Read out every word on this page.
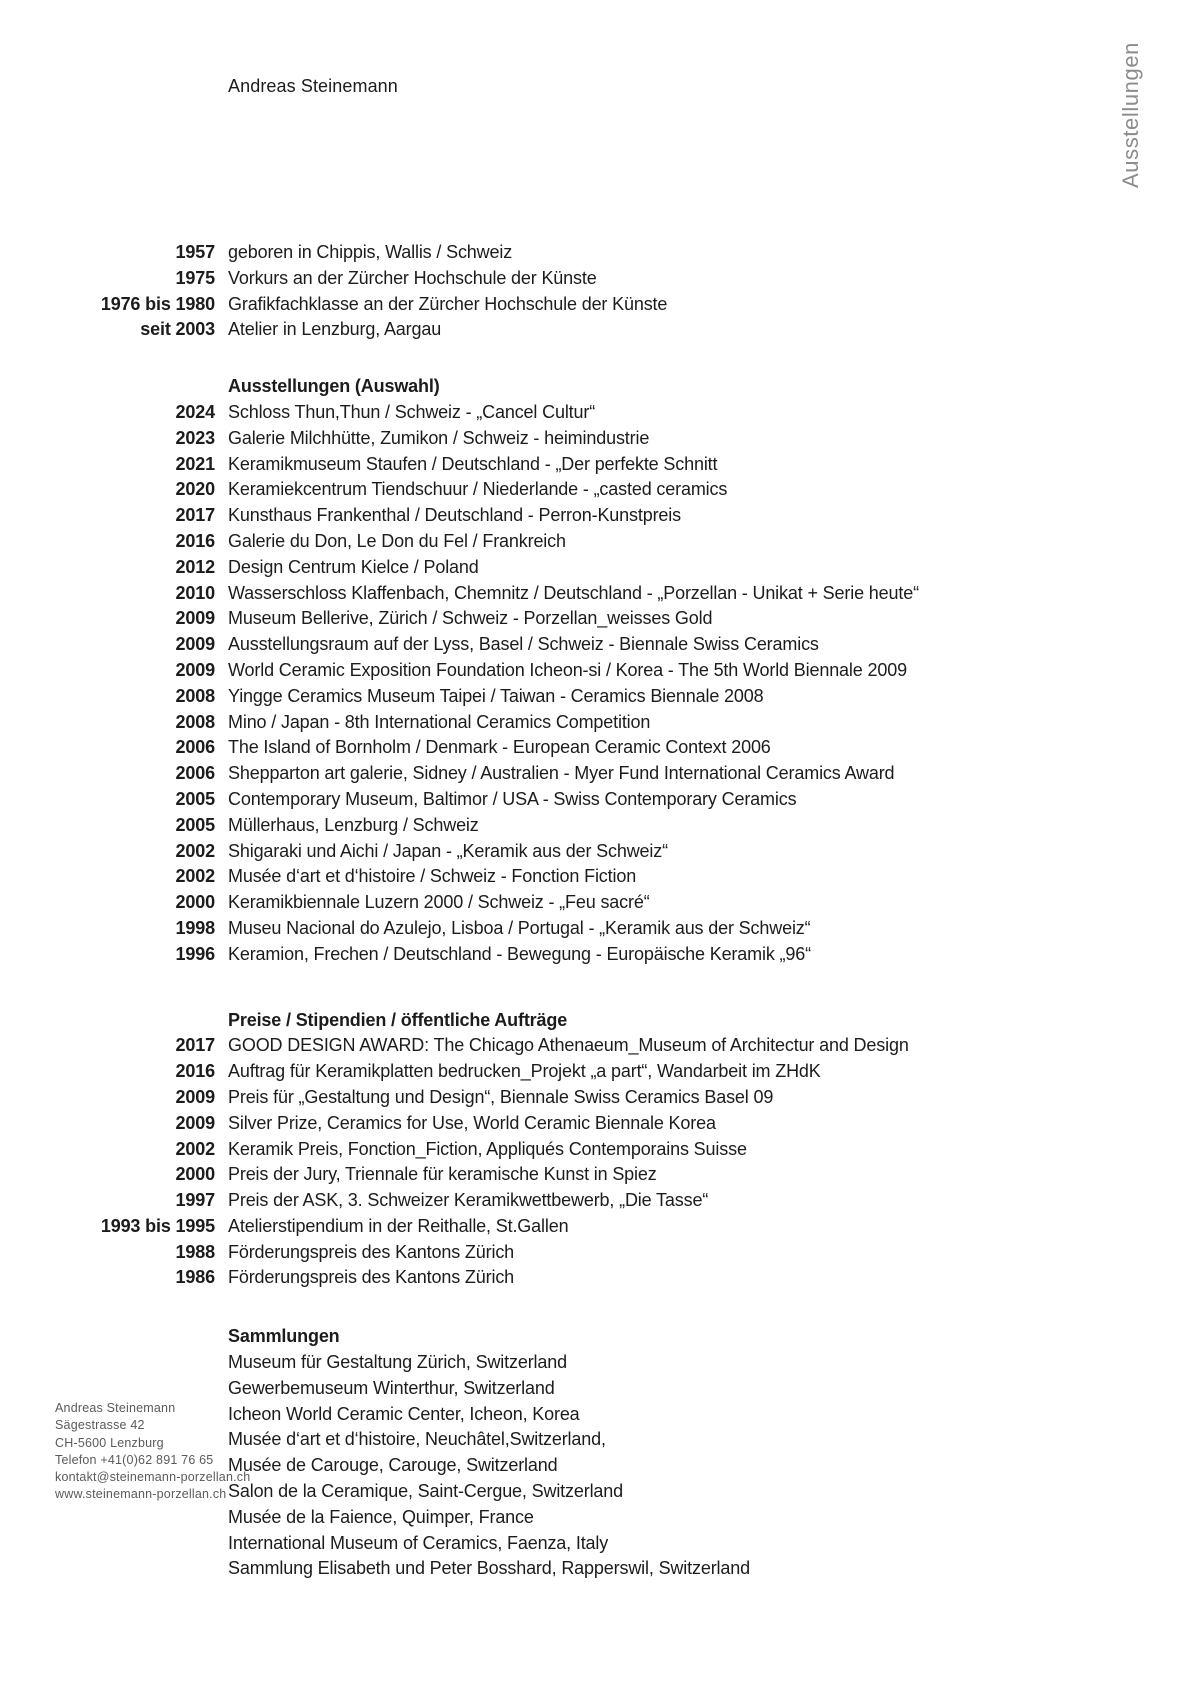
Andreas Steinemann	Ausstellungen
1957 geboren in Chippis, Wallis / Schweiz
1975 Vorkurs an der Zürcher Hochschule der Künste
1976 bis 1980 Grafikfachklasse an der Zürcher Hochschule der Künste
seit 2003 Atelier in Lenzburg, Aargau
Ausstellungen (Auswahl)
2024 Schloss Thun,Thun / Schweiz - „Cancel Cultur“
2023 Galerie Milchhütte, Zumikon / Schweiz - heimindustrie
2021 Keramikmuseum Staufen / Deutschland - „Der perfekte Schnitt
2020 Keramiekcentrum Tiendschuur / Niederlande - „casted ceramics
2017 Kunsthaus Frankenthal / Deutschland - Perron-Kunstpreis
2016 Galerie du Don, Le Don du Fel / Frankreich
2012 Design Centrum Kielce / Poland
2010 Wasserschloss Klaffenbach, Chemnitz / Deutschland - „Porzellan - Unikat + Serie heute“
2009 Museum Bellerive, Zürich / Schweiz - Porzellan_weisses Gold
2009 Ausstellungsraum auf der Lyss, Basel / Schweiz - Biennale Swiss Ceramics
2009 World Ceramic Exposition Foundation Icheon-si / Korea - The 5th World Biennale 2009
2008 Yingge Ceramics Museum Taipei / Taiwan - Ceramics Biennale 2008
2008 Mino / Japan - 8th International Ceramics Competition
2006 The Island of Bornholm / Denmark - European Ceramic Context 2006
2006 Shepparton art galerie, Sidney / Australien - Myer Fund International Ceramics Award
2005 Contemporary Museum, Baltimor / USA - Swiss Contemporary Ceramics
2005 Müllerhaus, Lenzburg / Schweiz
2002 Shigaraki und Aichi / Japan - „Keramik aus der Schweiz“
2002 Musée d‘art et d‘histoire / Schweiz - Fonction Fiction
2000 Keramikbiennale Luzern 2000 / Schweiz - „Feu sacré“
1998 Museu Nacional do Azulejo, Lisboa / Portugal - „Keramik aus der Schweiz“
1996 Keramion, Frechen / Deutschland - Bewegung - Europäische Keramik „96“
Preise / Stipendien / öffentliche Aufträge
2017 GOOD DESIGN AWARD: The Chicago Athenaeum_Museum of Architectur and Design
2016 Auftrag für Keramikplatten bedrucken_Projekt „a part“, Wandarbeit im ZHdK
2009 Preis für „Gestaltung und Design“, Biennale Swiss Ceramics Basel 09
2009 Silver Prize, Ceramics for Use, World Ceramic Biennale Korea
2002 Keramik Preis, Fonction_Fiction, Appliqués Contemporains Suisse
2000 Preis der Jury, Triennale für keramische Kunst in Spiez
1997 Preis der ASK, 3. Schweizer Keramikwettbewerb, „Die Tasse“
1993 bis 1995 Atelierstipendium in der Reithalle, St.Gallen
1988 Förderungspreis des Kantons Zürich
1986 Förderungspreis des Kantons Zürich
Sammlungen
Museum für Gestaltung Zürich, Switzerland
Gewerbemuseum Winterthur, Switzerland
Icheon World Ceramic Center, Icheon, Korea
Musée d‘art et d‘histoire, Neuchâtel,Switzerland,
Musée de Carouge, Carouge, Switzerland
Salon de la Ceramique, Saint-Cergue, Switzerland
Musée de la Faience, Quimper, France
International Museum of Ceramics, Faenza, Italy
Sammlung Elisabeth und Peter Bosshard, Rapperswil, Switzerland
Andreas Steinemann
Sägestrasse 42
CH-5600 Lenzburg
Telefon +41(0)62 891 76 65
kontakt@steinemann-porzellan.ch
www.steinemann-porzellan.ch
